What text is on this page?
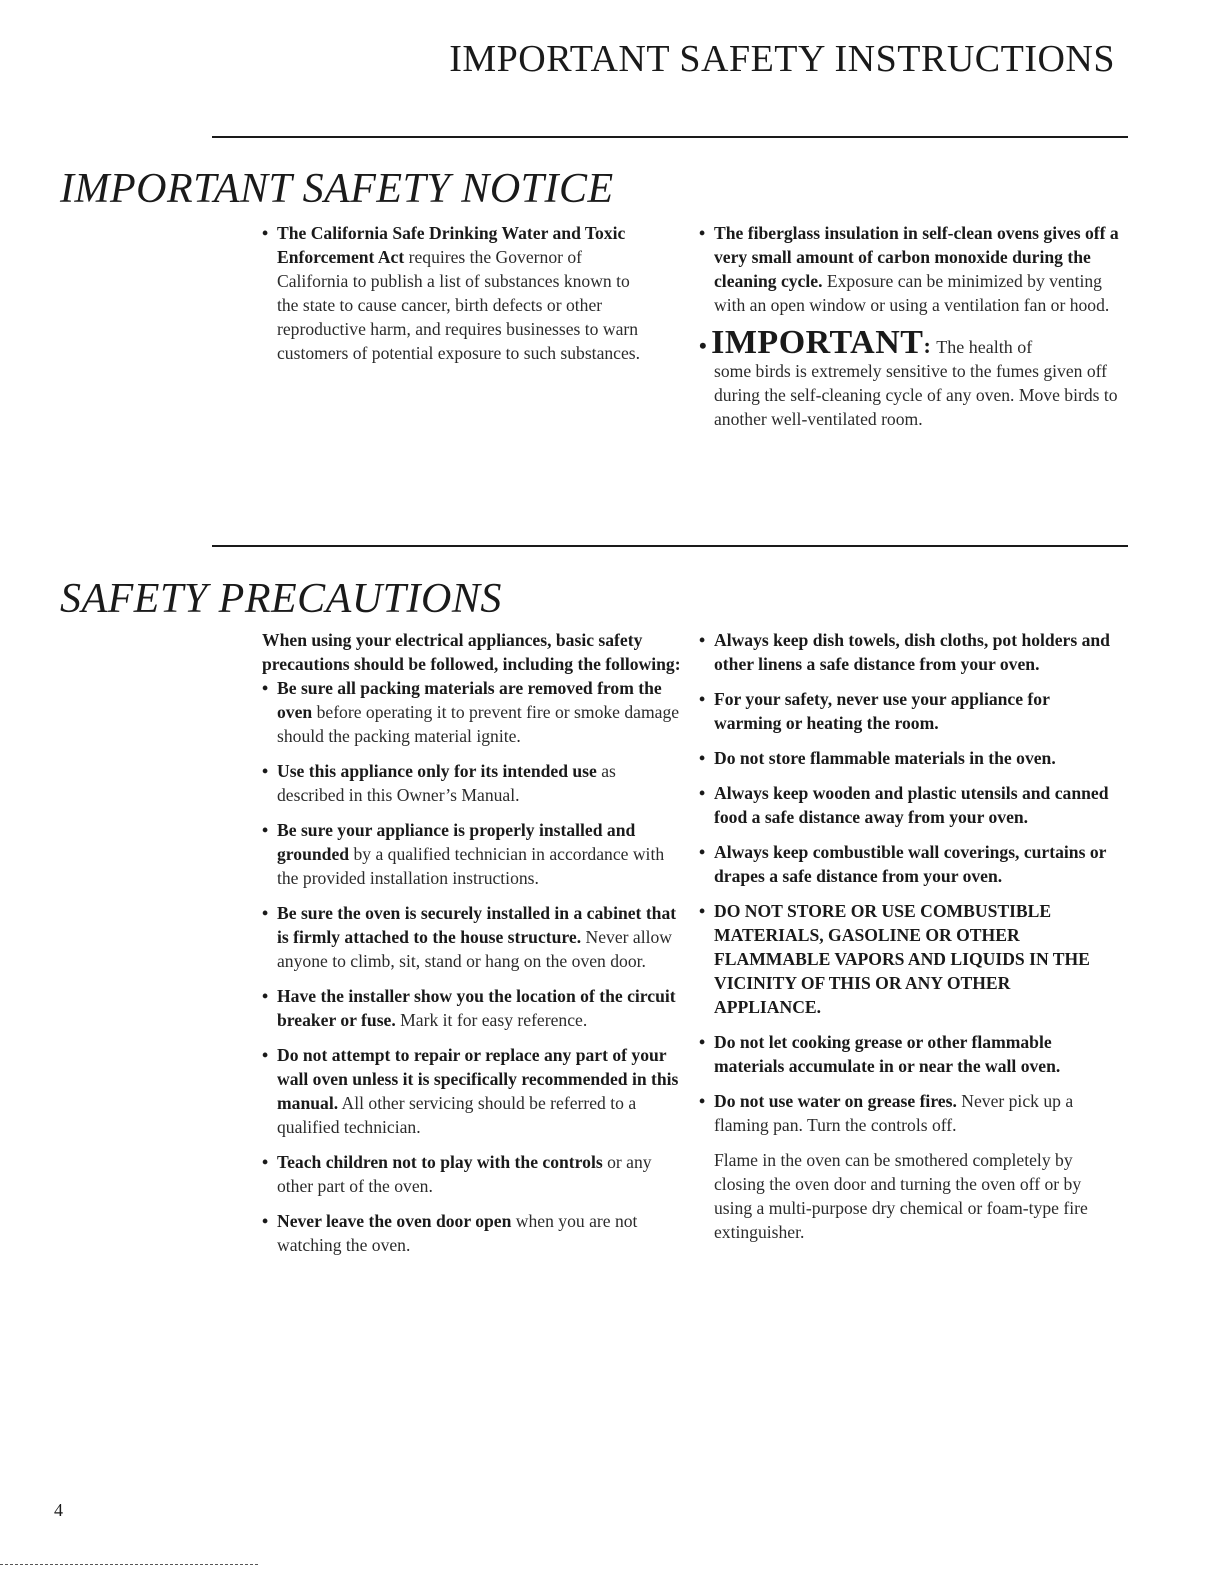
IMPORTANT SAFETY INSTRUCTIONS
IMPORTANT SAFETY NOTICE
• The California Safe Drinking Water and Toxic Enforcement Act requires the Governor of California to publish a list of substances known to the state to cause cancer, birth defects or other reproductive harm, and requires businesses to warn customers of potential exposure to such substances.
• The fiberglass insulation in self-clean ovens gives off a very small amount of carbon monoxide during the cleaning cycle. Exposure can be minimized by venting with an open window or using a ventilation fan or hood.
• IMPORTANT: The health of

some birds is extremely sensitive to the fumes given off during the self-cleaning cycle of any oven. Move birds to another well-ventilated room.

SAFETY PRECAUTIONS

When using your electrical appliances, basic safety precautions should be followed, including the following:

• Be sure all packing materials are removed from the oven before operating it to prevent fire or smoke damage should the packing material ignite.
• Use this appliance only for its intended use as described in this Owner’s Manual.
• Be sure your appliance is properly installed and grounded by a qualified technician in accordance with the provided installation instructions.
• Be sure the oven is securely installed in a cabinet that is firmly attached to the house structure. Never allow anyone to climb, sit, stand or hang on the oven door.
• Have the installer show you the location of the circuit breaker or fuse. Mark it for easy reference.
• Do not attempt to repair or replace any part of your wall oven unless it is specifically recommended in this manual. All other servicing should be referred to a qualified technician.
• Teach children not to play with the controls or any other part of the oven.
• Never leave the oven door open when you are not watching the oven.
• Always keep dish towels, dish cloths, pot holders and other linens a safe distance from your oven.
• For your safety, never use your appliance for warming or heating the room.
• Do not store flammable materials in the oven.
• Always keep wooden and plastic utensils and canned food a safe distance away from your oven.
• Always keep combustible wall coverings, curtains or drapes a safe distance from your oven.
• DO NOT STORE OR USE COMBUSTIBLE MATERIALS, GASOLINE OR OTHER FLAMMABLE VAPORS AND LIQUIDS IN THE VICINITY OF THIS OR ANY OTHER APPLIANCE.
• Do not let cooking grease or other flammable materials accumulate in or near the wall oven.
• Do not use water on grease fires. Never pick up a flaming pan. Turn the controls off.

Flame in the oven can be smothered completely by closing the oven door and turning the oven off or by using a multi-purpose dry chemical or foam-type fire extinguisher.

4
